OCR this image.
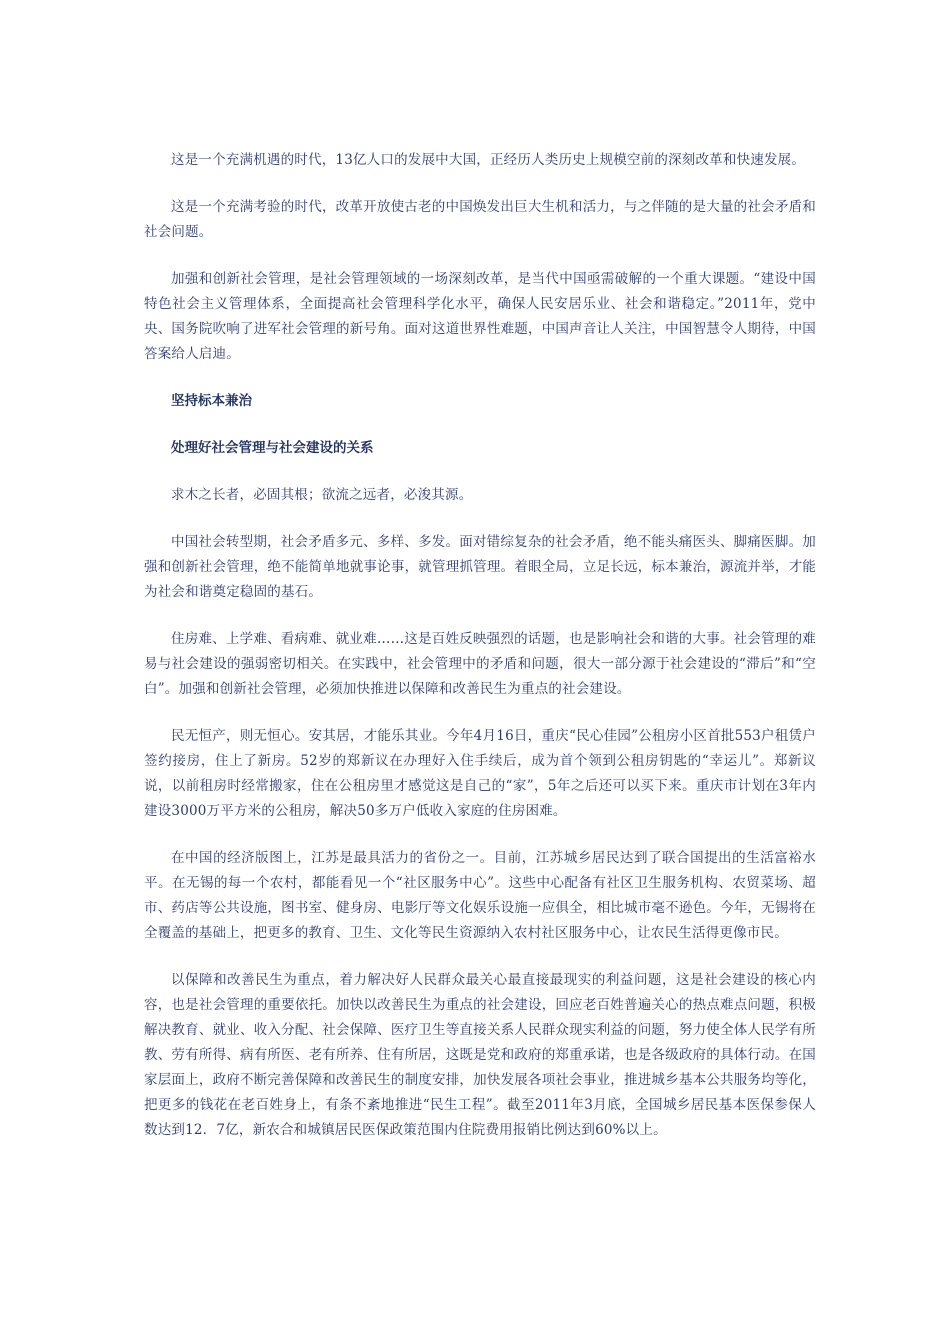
这是一个充满机遇的时代，13亿人口的发展中大国，正经历人类历史上规模空前的深刻改革和快速发展。

这是一个充满考验的时代，改革开放使古老的中国焕发出巨大生机和活力，与之伴随的是大量的社会矛盾和社会问题。

加强和创新社会管理，是社会管理领域的一场深刻改革，是当代中国亟需破解的一个重大课题。“建设中国特色社会主义管理体系，全面提高社会管理科学化水平，确保人民安居乐业、社会和谐稳定。”2011年，党中央、国务院吹响了进军社会管理的新号角。面对这道世界性难题，中国声音让人关注，中国智慧令人期待，中国答案给人启迪。

坚持标本兼治

处理好社会管理与社会建设的关系

求木之长者，必固其根；欲流之远者，必浚其源。

中国社会转型期，社会矛盾多元、多样、多发。面对错综复杂的社会矛盾，绝不能头痛医头、脚痛医脚。加强和创新社会管理，绝不能简单地就事论事，就管理抓管理。着眼全局，立足长远，标本兼治，源流并举，才能为社会和谐奠定稳固的基石。

住房难、上学难、看病难、就业难……这是百姓反映强烈的话题，也是影响社会和谐的大事。社会管理的难易与社会建设的强弱密切相关。在实践中，社会管理中的矛盾和问题，很大一部分源于社会建设的“滞后”和“空白”。加强和创新社会管理，必须加快推进以保障和改善民生为重点的社会建设。

民无恒产，则无恒心。安其居，才能乐其业。今年4月16日，重庆“民心佳园”公租房小区首批553户租赁户签约接房，住上了新房。52岁的郑新议在办理好入住手续后，成为首个领到公租房钥匙的“幸运儿”。郑新议说，以前租房时经常搬家，住在公租房里才感觉这是自己的“家”，5年之后还可以买下来。重庆市计划在3年内建设3000万平方米的公租房，解决50多万户低收入家庭的住房困难。

在中国的经济版图上，江苏是最具活力的省份之一。目前，江苏城乡居民达到了联合国提出的生活富裕水平。在无锡的每一个农村，都能看见一个“社区服务中心”。这些中心配备有社区卫生服务机构、农贸菜场、超市、药店等公共设施，图书室、健身房、电影厅等文化娱乐设施一应俱全，相比城市毫不逊色。今年，无锡将在全覆盖的基础上，把更多的教育、卫生、文化等民生资源纳入农村社区服务中心，让农民生活得更像市民。

以保障和改善民生为重点，着力解决好人民群众最关心最直接最现实的利益问题，这是社会建设的核心内容，也是社会管理的重要依托。加快以改善民生为重点的社会建设，回应老百姓普遍关心的热点难点问题，积极解决教育、就业、收入分配、社会保障、医疗卫生等直接关系人民群众现实利益的问题，努力使全体人民学有所教、劳有所得、病有所医、老有所养、住有所居，这既是党和政府的郑重承诺，也是各级政府的具体行动。在国家层面上，政府不断完善保障和改善民生的制度安排，加快发展各项社会事业，推进城乡基本公共服务均等化，把更多的钱花在老百姓身上，有条不紊地推进“民生工程”。截至2011年3月底，全国城乡居民基本医保参保人数达到12．7亿，新农合和城镇居民医保政策范围内住院费用报销比例达到60%以上。
